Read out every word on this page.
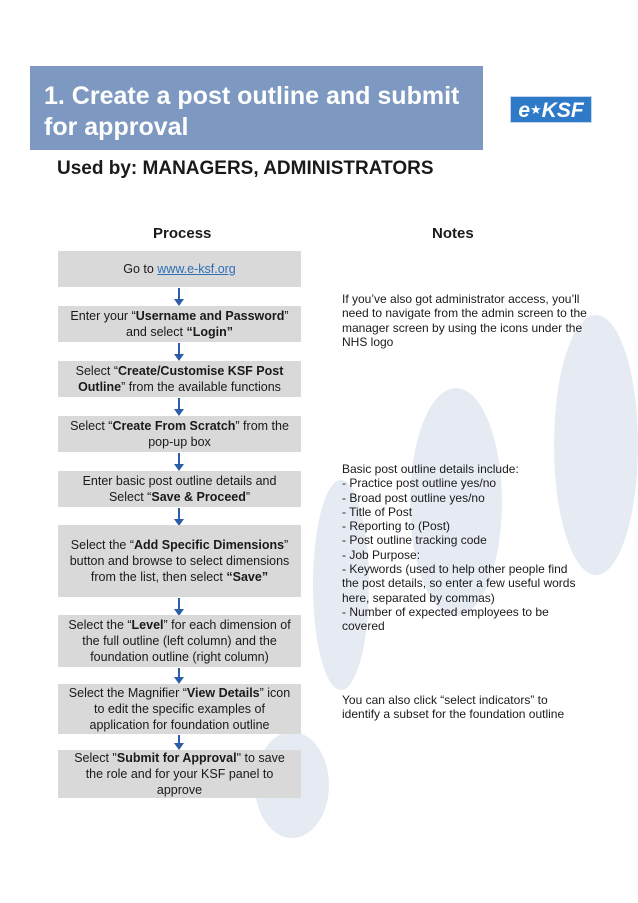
1. Create a post outline and submit for approval
e★KSF
Used by: MANAGERS, ADMINISTRATORS
Process	Notes
Go to www.e-ksf.org
Enter your “Username and Password” and select “Login”
Select “Create/Customise KSF Post Outline” from the available functions
Select “Create From Scratch” from the pop-up box
Enter basic post outline details and Select “Save & Proceed”
Select the “Add Specific Dimensions” button and browse to select dimensions from the list, then select “Save”
Select the “Level” for each dimension of the full outline (left column) and the foundation outline (right column)
Select the Magnifier “View Details” icon to edit the specific examples of application for foundation outline
Select "Submit for Approval" to save the role and for your KSF panel to approve
If you’ve also got administrator access, you’ll need to navigate from the admin screen to the manager screen by using the icons under the NHS logo
Basic post outline details include:
- Practice post outline yes/no
- Broad post outline yes/no
- Title of Post
- Reporting to (Post)
- Post outline tracking code
- Job Purpose:
- Keywords (used to help other people find the post details, so enter a few useful words here, separated by commas)
- Number of expected employees to be covered
You can also click “select indicators” to identify a subset for the foundation outline
